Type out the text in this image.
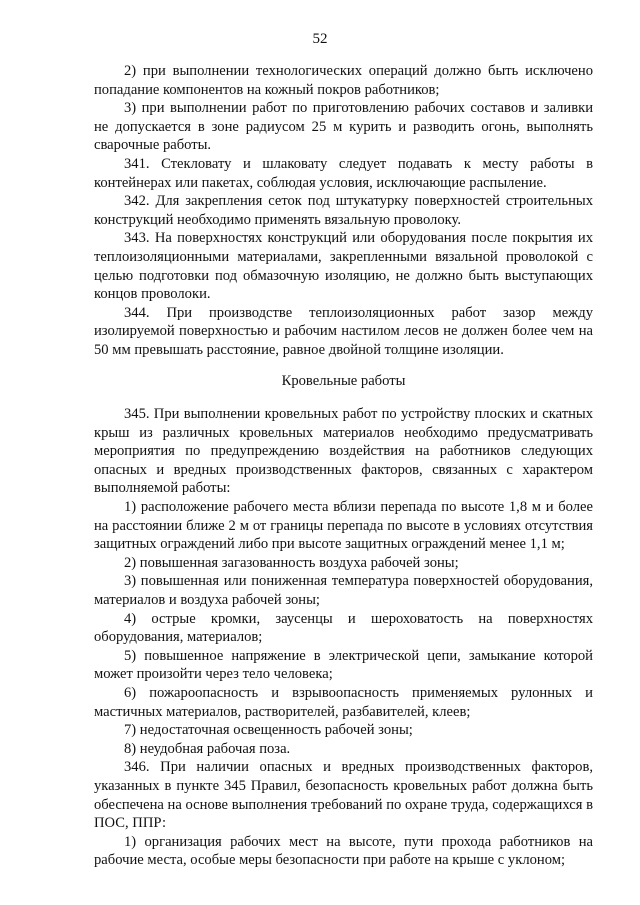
52

2) при выполнении технологических операций должно быть исключено попадание компонентов на кожный покров работников;

3) при выполнении работ по приготовлению рабочих составов и заливки не допускается в зоне радиусом 25 м курить и разводить огонь, выполнять сварочные работы.

341. Стекловату и шлаковату следует подавать к месту работы в контейнерах или пакетах, соблюдая условия, исключающие распыление.

342. Для закрепления сеток под штукатурку поверхностей строительных конструкций необходимо применять вязальную проволоку.

343. На поверхностях конструкций или оборудования после покрытия их теплоизоляционными материалами, закрепленными вязальной проволокой с целью подготовки под обмазочную изоляцию, не должно быть выступающих концов проволоки.

344. При производстве теплоизоляционных работ зазор между изолируемой поверхностью и рабочим настилом лесов не должен более чем на 50 мм превышать расстояние, равное двойной толщине изоляции.

Кровельные работы

345. При выполнении кровельных работ по устройству плоских и скатных крыш из различных кровельных материалов необходимо предусматривать мероприятия по предупреждению воздействия на работников следующих опасных и вредных производственных факторов, связанных с характером выполняемой работы:

1) расположение рабочего места вблизи перепада по высоте 1,8 м и более на расстоянии ближе 2 м от границы перепада по высоте в условиях отсутствия защитных ограждений либо при высоте защитных ограждений менее 1,1 м;

2) повышенная загазованность воздуха рабочей зоны;

3) повышенная или пониженная температура поверхностей оборудования, материалов и воздуха рабочей зоны;

4) острые кромки, заусенцы и шероховатость на поверхностях оборудования, материалов;

5) повышенное напряжение в электрической цепи, замыкание которой может произойти через тело человека;

6) пожароопасность и взрывоопасность применяемых рулонных и мастичных материалов, растворителей, разбавителей, клеев;

7) недостаточная освещенность рабочей зоны;

8) неудобная рабочая поза.

346. При наличии опасных и вредных производственных факторов, указанных в пункте 345 Правил, безопасность кровельных работ должна быть обеспечена на основе выполнения требований по охране труда, содержащихся в ПОС, ППР:

1) организация рабочих мест на высоте, пути прохода работников на рабочие места, особые меры безопасности при работе на крыше с уклоном;
